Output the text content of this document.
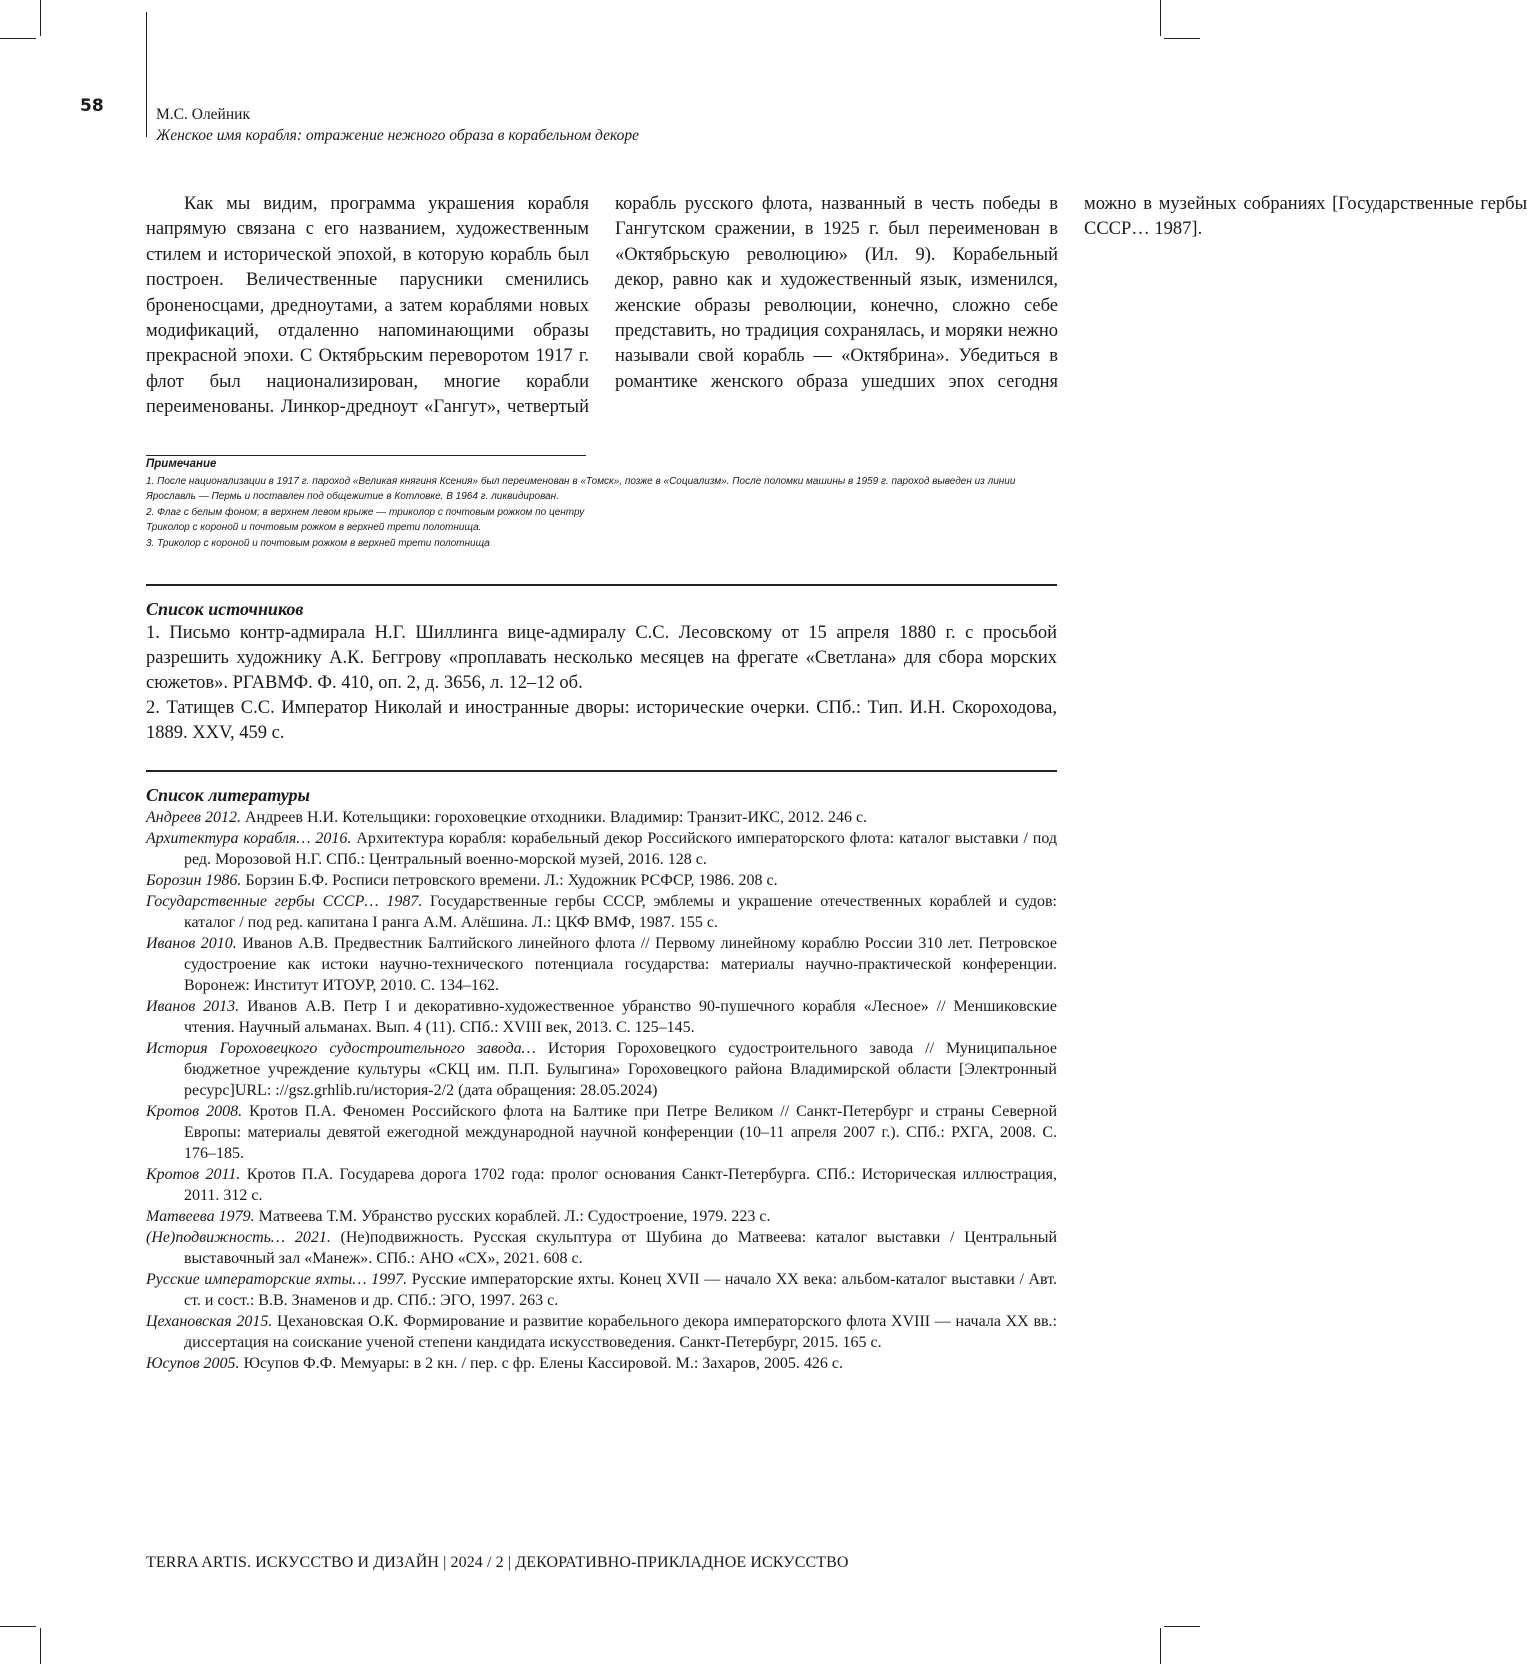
58	М.С. Олейник
Женское имя корабля: отражение нежного образа в корабельном декоре

Как мы видим, программа украшения корабля напрямую связана с его названием, художественным стилем и исторической эпохой, в которую корабль был построен. Величественные парусники сменились броненосцами, дредноутами, а затем кораблями новых модификаций, отдаленно напоминающими образы прекрасной эпохи. С Октябрьским переворотом 1917 г. флот был национализирован, многие корабли переименованы. Линкор-дредноут «Гангут», четвертый корабль русского флота, названный в честь победы в Гангутском сражении, в 1925 г. был переименован в «Октябрьскую революцию» (Ил. 9). Корабельный декор, равно как и художественный язык, изменился, женские образы революции, конечно, сложно себе представить, но традиция сохранялась, и моряки нежно называли свой корабль — «Октябрина». Убедиться в романтике женского образа ушедших эпох сегодня можно в музейных собраниях [Государственные гербы СССР… 1987].

Примечание
1. После национализации в 1917 г. пароход «Великая княгиня Ксения» был переименован в «Томск», позже в «Социализм». После поломки машины в 1959 г. пароход выведен из линии Ярославль — Пермь и поставлен под общежитие в Котловке. В 1964 г. ликвидирован.
2. Флаг с белым фоном; в верхнем левом крыже — триколор с почтовым рожком по центру
Триколор с короной и почтовым рожком в верхней трети полотнища.
3. Триколор с короной и почтовым рожком в верхней трети полотнища
Список источников
1. Письмо контр-адмирала Н.Г. Шиллинга вице-адмиралу С.С. Лесовскому от 15 апреля 1880 г. с просьбой разрешить художнику А.К. Беггрову «проплавать несколько месяцев на фрегате «Светлана» для сбора морских сюжетов». РГАВМФ. Ф. 410, оп. 2, д. 3656, л. 12–12 об.
2. Татищев С.С. Император Николай и иностранные дворы: исторические очерки. СПб.: Тип. И.Н. Скороходова, 1889. XXV, 459 с.
Список литературы
Андреев 2012. Андреев Н.И. Котельщики: гороховецкие отходники. Владимир: Транзит-ИКС, 2012. 246 с.
Архитектура корабля… 2016. Архитектура корабля: корабельный декор Российского императорского флота: каталог выставки / под ред. Морозовой Н.Г. СПб.: Центральный военно-морской музей, 2016. 128 с.
Борозин 1986. Борзин Б.Ф. Росписи петровского времени. Л.: Художник РСФСР, 1986. 208 с.
Государственные гербы СССР… 1987. Государственные гербы СССР, эмблемы и украшение отечественных кораблей и судов: каталог / под ред. капитана I ранга А.М. Алёшина. Л.: ЦКФ ВМФ, 1987. 155 с.
Иванов 2010. Иванов А.В. Предвестник Балтийского линейного флота // Первому линейному кораблю России 310 лет. Петровское судостроение как истоки научно-технического потенциала государства: материалы научно-практической конференции. Воронеж: Институт ИТОУР, 2010. С. 134–162.
Иванов 2013. Иванов А.В. Петр I и декоративно-художественное убранство 90-пушечного корабля «Лесное» // Меншиковские чтения. Научный альманах. Вып. 4 (11). СПб.: XVIII век, 2013. С. 125–145.
История Гороховецкого судостроительного завода… История Гороховецкого судостроительного завода // Муниципальное бюджетное учреждение культуры «СКЦ им. П.П. Булыгина» Гороховецкого района Владимирской области [Электронный ресурс]URL: ://gsz.grhlib.ru/история-2/2 (дата обращения: 28.05.2024)
Кротов 2008. Кротов П.А. Феномен Российского флота на Балтике при Петре Великом // Санкт-Петербург и страны Северной Европы: материалы девятой ежегодной международной научной конференции (10–11 апреля 2007 г.). СПб.: РХГА, 2008. С. 176–185.
Кротов 2011. Кротов П.А. Государева дорога 1702 года: пролог основания Санкт-Петербурга. СПб.: Историческая иллюстрация, 2011. 312 с.
Матвеева 1979. Матвеева Т.М. Убранство русских кораблей. Л.: Судостроение, 1979. 223 с.
(Не)подвижность… 2021. (Не)подвижность. Русская скульптура от Шубина до Матвеева: каталог выставки / Центральный выставочный зал «Манеж». СПб.: АНО «СХ», 2021. 608 с.
Русские императорские яхты… 1997. Русские императорские яхты. Конец XVII — начало XX века: альбом-каталог выставки / Авт. ст. и сост.: В.В. Знаменов и др. СПб.: ЭГО, 1997. 263 с.
Цехановская 2015. Цехановская О.К. Формирование и развитие корабельного декора императорского флота XVIII — начала XX вв.: диссертация на соискание ученой степени кандидата искусствоведения. Санкт-Петербург, 2015. 165 с.
Юсупов 2005. Юсупов Ф.Ф. Мемуары: в 2 кн. / пер. с фр. Елены Кассировой. М.: Захаров, 2005. 426 с.
TERRA ARTIS. ИСКУССТВО И ДИЗАЙН | 2024 / 2 | ДЕКОРАТИВНО-ПРИКЛАДНОЕ ИСКУССТВО
